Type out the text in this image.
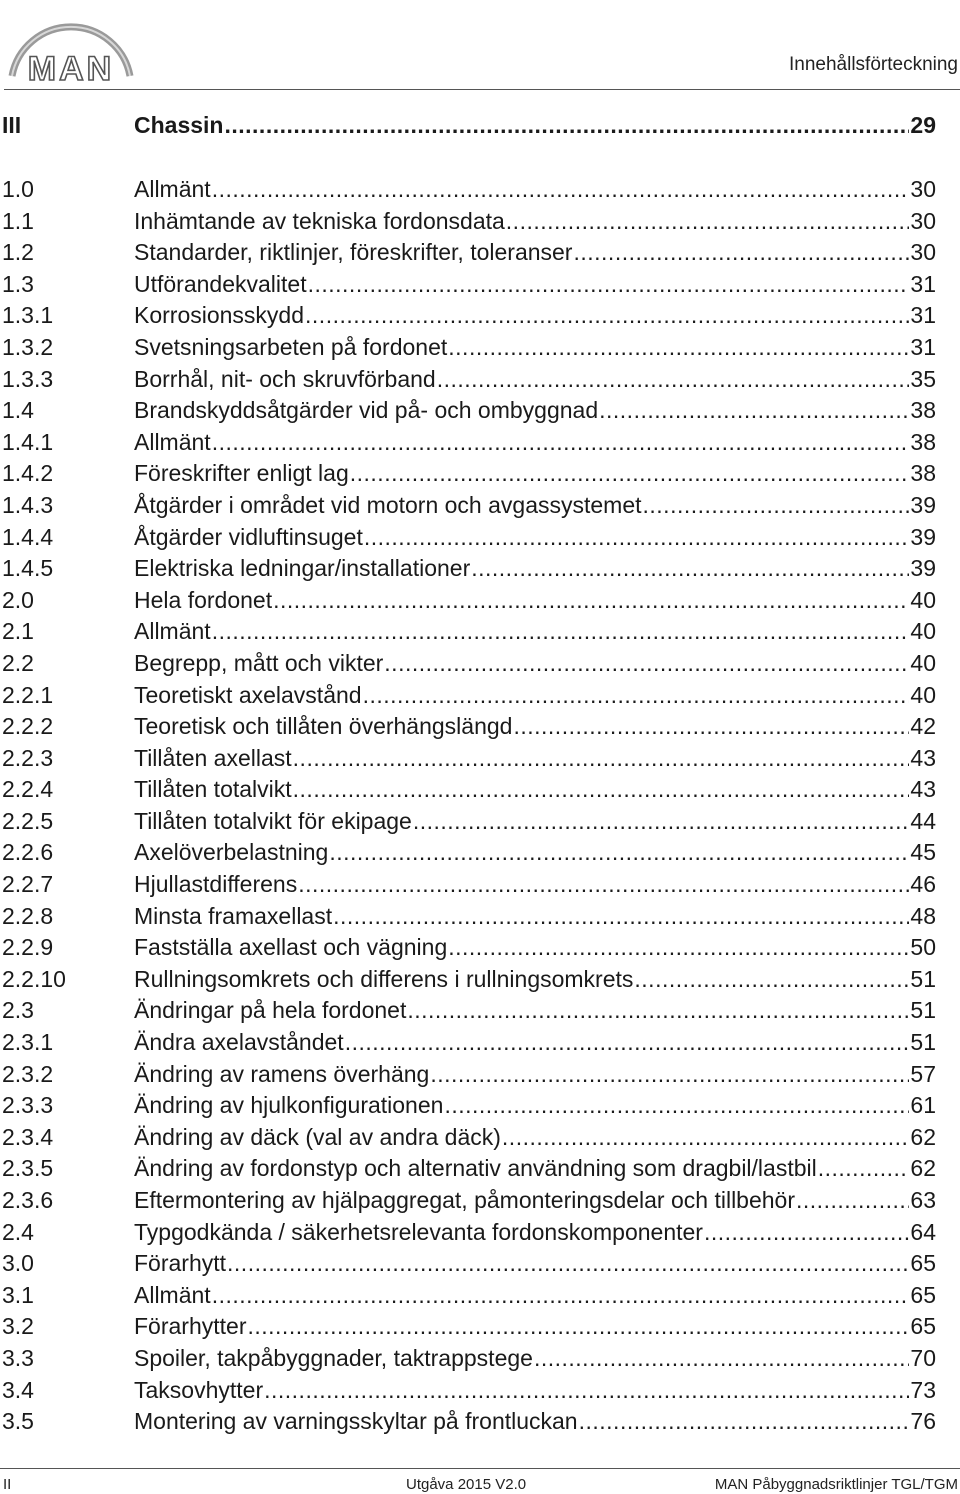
MAN	Innehållsförteckning
III	Chassin .....	29
1.0	Allmänt .....	30
1.1	Inhämtande av tekniska fordonsdata .....	30
1.2	Standarder, riktlinjer, föreskrifter, toleranser .....	30
1.3	Utförandekvalitet .....	31
1.3.1	Korrosionsskydd .....	31
1.3.2	Svetsningsarbeten på fordonet .....	31
1.3.3	Borrhål, nit- och skruvförband .....	35
1.4	Brandskyddsåtgärder vid på- och ombyggnad .....	38
1.4.1	Allmänt .....	38
1.4.2	Föreskrifter enligt lag .....	38
1.4.3	Åtgärder i området vid motorn och avgassystemet .....	39
1.4.4	Åtgärder vidluftinsuget .....	39
1.4.5	Elektriska ledningar/installationer .....	39
2.0	Hela fordonet .....	40
2.1	Allmänt .....	40
2.2	Begrepp, mått och vikter .....	40
2.2.1	Teoretiskt axelavstånd .....	40
2.2.2	Teoretisk och tillåten överhängslängd .....	42
2.2.3	Tillåten axellast .....	43
2.2.4	Tillåten totalvikt .....	43
2.2.5	Tillåten totalvikt för ekipage .....	44
2.2.6	Axelöverbelastning .....	45
2.2.7	Hjullastdifferens .....	46
2.2.8	Minsta framaxellast .....	48
2.2.9	Fastställa axellast och vägning .....	50
2.2.10	Rullningsomkrets och differens i rullningsomkrets .....	51
2.3	Ändringar på hela fordonet .....	51
2.3.1	Ändra axelavståndet .....	51
2.3.2	Ändring av ramens överhäng .....	57
2.3.3	Ändring av hjulkonfigurationen .....	61
2.3.4	Ändring av däck (val av andra däck) .....	62
2.3.5	Ändring av fordonstyp och alternativ användning som dragbil/lastbil .....	62
2.3.6	Eftermontering av hjälpaggregat, påmonteringsdelar och tillbehör .....	63
2.4	Typgodkända / säkerhetsrelevanta fordonskomponenter .....	64
3.0	Förarhytt .....	65
3.1	Allmänt .....	65
3.2	Förarhytter .....	65
3.3	Spoiler, takpåbyggnader, taktrappstege .....	70
3.4	Taksovhytter .....	73
3.5	Montering av varningsskyltar på frontluckan .....	76
II	Utgåva 2015 V2.0	MAN Påbyggnadsriktlinjer TGL/TGM
